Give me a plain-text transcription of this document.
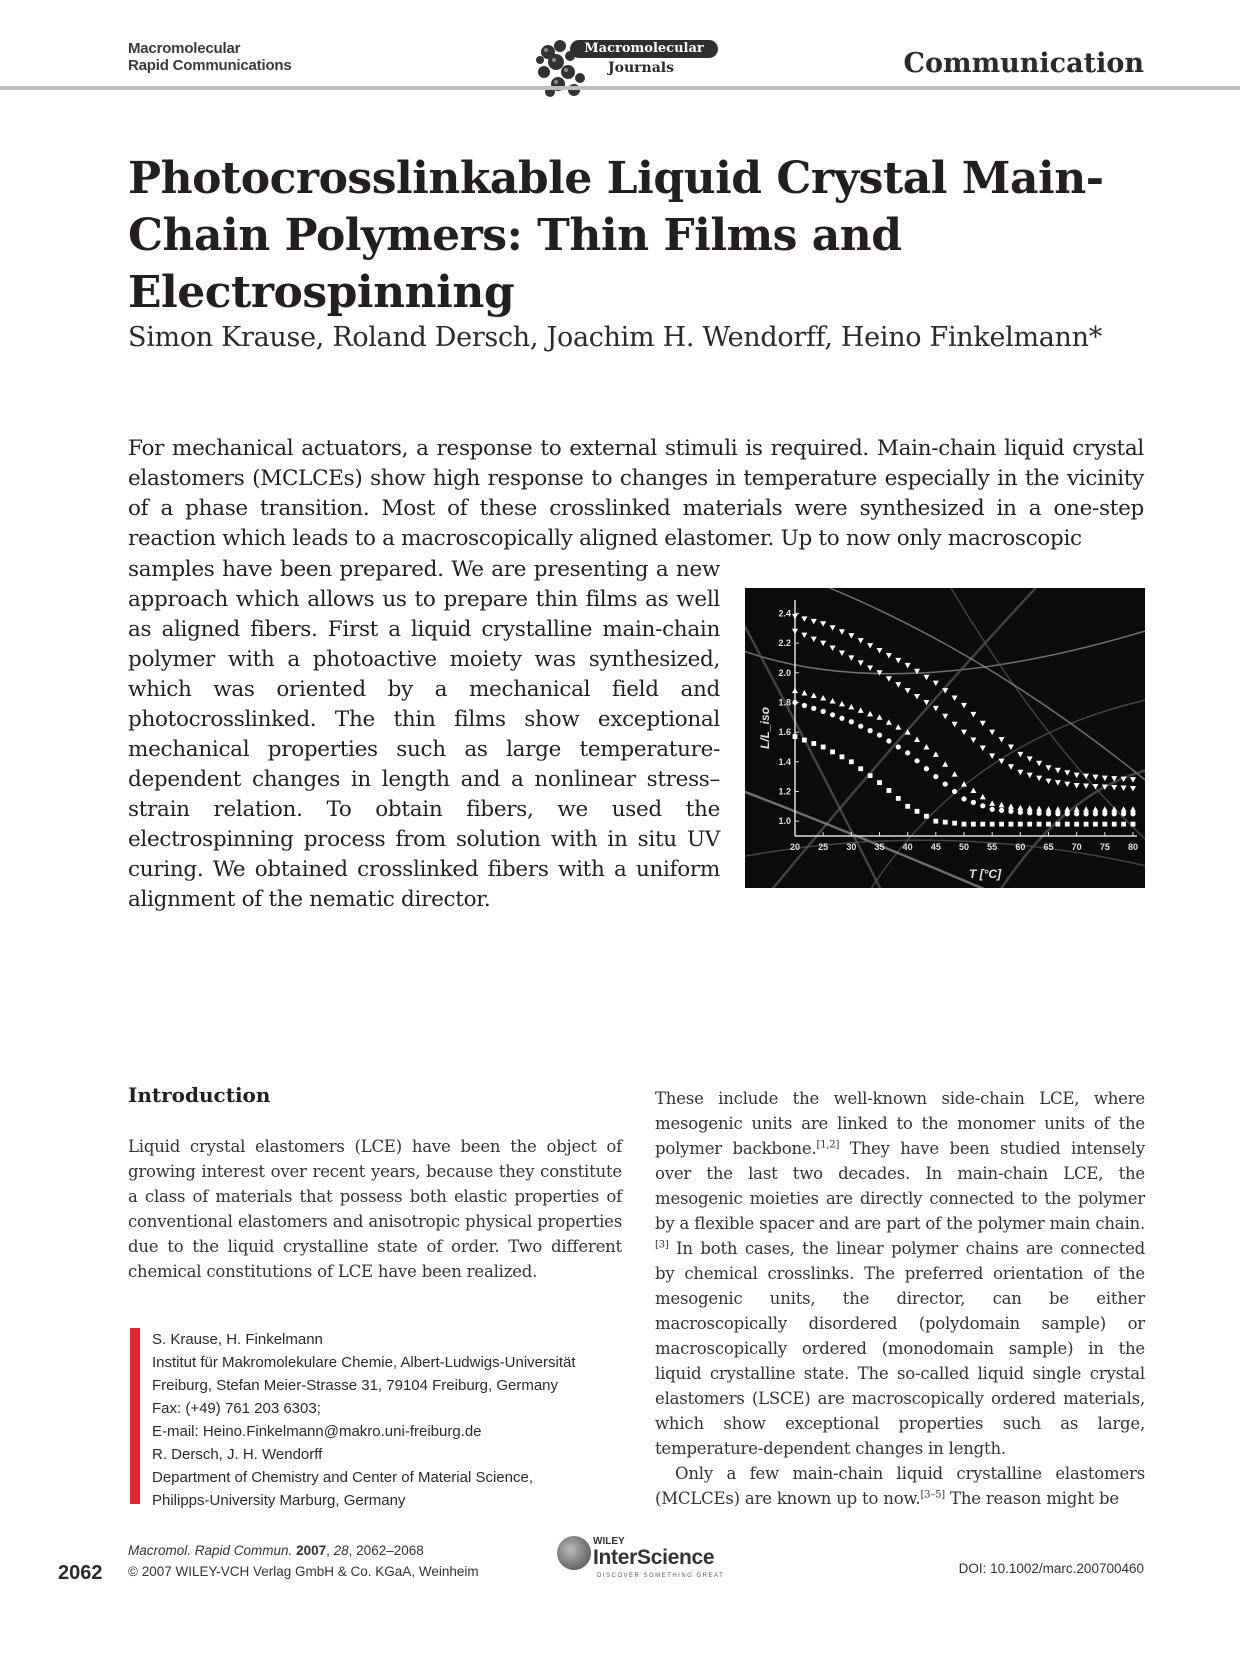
Macromolecular
Rapid Communications
Macromolecular
Journals	Communication
Photocrosslinkable Liquid Crystal Main-Chain Polymers: Thin Films and Electrospinning
Simon Krause, Roland Dersch, Joachim H. Wendorff, Heino Finkelmann*

For mechanical actuators, a response to external stimuli is required. Main-chain liquid crystal elastomers (MCLCEs) show high response to changes in temperature especially in the vicinity of a phase transition. Most of these crosslinked materials were synthesized in a one-step reaction which leads to a macroscopically aligned elastomer. Up to now only macroscopic

samples have been prepared. We are presenting a new approach which allows us to prepare thin films as well as aligned fibers. First a liquid crystalline main-chain polymer with a photoactive moiety was synthesized, which was oriented by a mechanical field and photocrosslinked. The thin films show exceptional mechanical properties such as large temperature-dependent changes in length and a nonlinear stress–strain relation. To obtain fibers, we used the electrospinning process from solution with in situ UV curing. We obtained crosslinked fibers with a uniform alignment of the nematic director.

20 25 30 35 40 45 50 55 60 65 70 75 80
1.0
1.2
1.4
1.6
1.8
2.0
2.2
2.4
T [°C]
L/L_iso
Introduction

Liquid crystal elastomers (LCE) have been the object of growing interest over recent years, because they constitute a class of materials that possess both elastic properties of conventional elastomers and anisotropic physical properties due to the liquid crystalline state of order. Two different chemical constitutions of LCE have been realized.

S. Krause, H. Finkelmann
Institut für Makromolekulare Chemie, Albert-Ludwigs-Universität
Freiburg, Stefan Meier-Strasse 31, 79104 Freiburg, Germany
Fax: (+49) 761 203 6303;
E-mail: Heino.Finkelmann@makro.uni-freiburg.de
R. Dersch, J. H. Wendorff
Department of Chemistry and Center of Material Science,
Philipps-University Marburg, Germany

These include the well-known side-chain LCE, where mesogenic units are linked to the monomer units of the polymer backbone.[1,2] They have been studied intensely over the last two decades. In main-chain LCE, the mesogenic moieties are directly connected to the polymer by a flexible spacer and are part of the polymer main chain.[3] In both cases, the linear polymer chains are connected by chemical crosslinks. The preferred orientation of the mesogenic units, the director, can be either macroscopically disordered (polydomain sample) or macroscopically ordered (monodomain sample) in the liquid crystalline state. The so-called liquid single crystal elastomers (LSCE) are macroscopically ordered materials, which show exceptional properties such as large, temperature-dependent changes in length.

Only a few main-chain liquid crystalline elastomers (MCLCEs) are known up to now.[3–5] The reason might be

2062
Macromol. Rapid Commun. 2007, 28, 2062–2068
© 2007 WILEY-VCH Verlag GmbH & Co. KGaA, Weinheim
WILEY
InterScience
DISCOVER SOMETHING GREAT	DOI: 10.1002/marc.200700460
